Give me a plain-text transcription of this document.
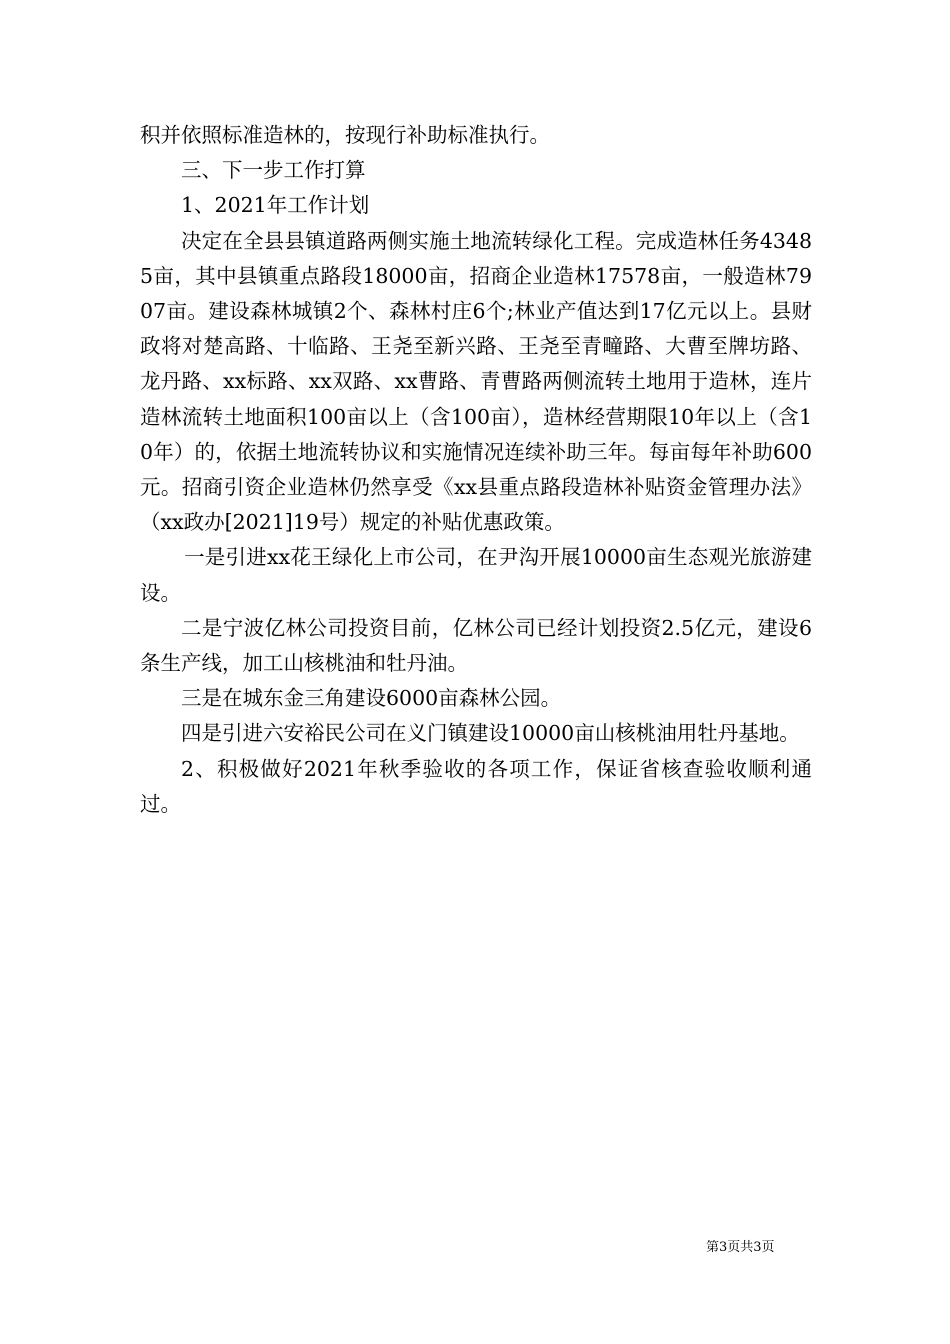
积并依照标准造林的，按现行补助标准执行。

三、下一步工作打算

1、2021年工作计划

决定在全县县镇道路两侧实施土地流转绿化工程。完成造林任务43485亩，其中县镇重点路段18000亩，招商企业造林17578亩，一般造林7907亩。建设森林城镇2个、森林村庄6个;林业产值达到17亿元以上。县财政将对楚高路、十临路、王尧至新兴路、王尧至青疃路、大曹至牌坊路、龙丹路、xx标路、xx双路、xx曹路、青曹路两侧流转土地用于造林，连片造林流转土地面积100亩以上（含100亩），造林经营期限10年以上（含10年）的，依据土地流转协议和实施情况连续补助三年。每亩每年补助600元。招商引资企业造林仍然享受《xx县重点路段造林补贴资金管理办法》（xx政办[2021]19号）规定的补贴优惠政策。

一是引进xx花王绿化上市公司，在尹沟开展10000亩生态观光旅游建设。

二是宁波亿林公司投资目前，亿林公司已经计划投资2.5亿元，建设6条生产线，加工山核桃油和牡丹油。

三是在城东金三角建设6000亩森林公园。

四是引进六安裕民公司在义门镇建设10000亩山核桃油用牡丹基地。

2、积极做好2021年秋季验收的各项工作，保证省核查验收顺利通过。

第3页共3页
